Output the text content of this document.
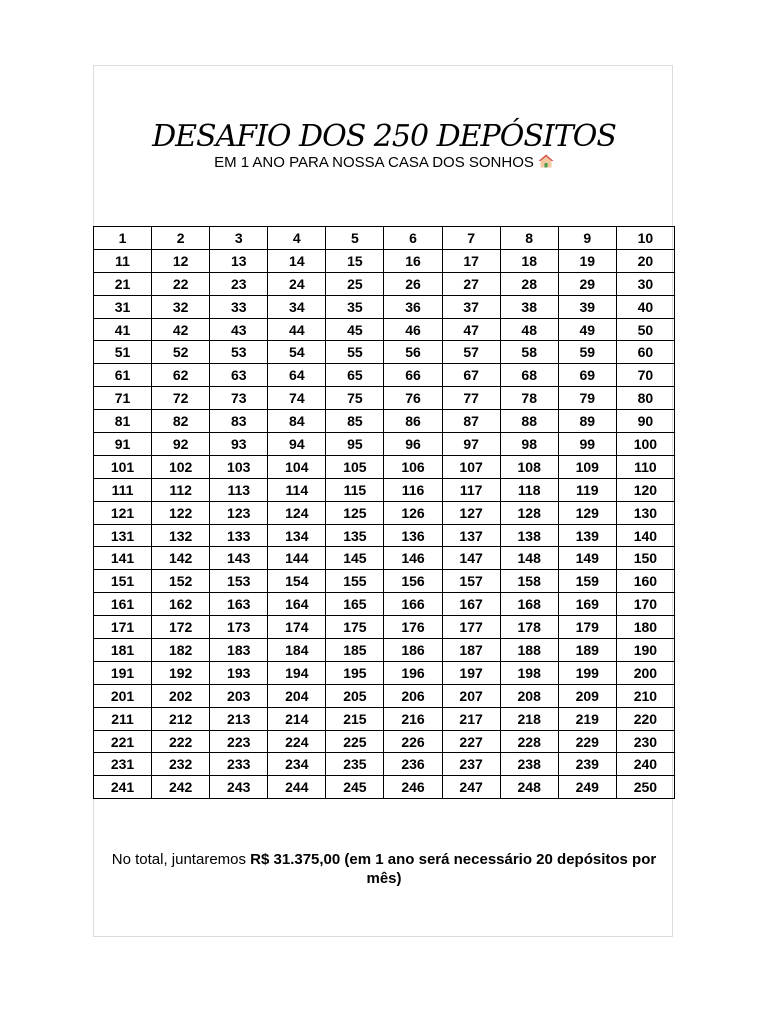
DESAFIO DOS 250 DEPÓSITOS
EM 1 ANO PARA NOSSA CASA DOS SONHOS
1	2	3	4	5	6	7	8	9	10
11	12	13	14	15	16	17	18	19	20
21	22	23	24	25	26	27	28	29	30
31	32	33	34	35	36	37	38	39	40
41	42	43	44	45	46	47	48	49	50
51	52	53	54	55	56	57	58	59	60
61	62	63	64	65	66	67	68	69	70
71	72	73	74	75	76	77	78	79	80
81	82	83	84	85	86	87	88	89	90
91	92	93	94	95	96	97	98	99	100
101	102	103	104	105	106	107	108	109	110
111	112	113	114	115	116	117	118	119	120
121	122	123	124	125	126	127	128	129	130
131	132	133	134	135	136	137	138	139	140
141	142	143	144	145	146	147	148	149	150
151	152	153	154	155	156	157	158	159	160
161	162	163	164	165	166	167	168	169	170
171	172	173	174	175	176	177	178	179	180
181	182	183	184	185	186	187	188	189	190
191	192	193	194	195	196	197	198	199	200
201	202	203	204	205	206	207	208	209	210
211	212	213	214	215	216	217	218	219	220
221	222	223	224	225	226	227	228	229	230
231	232	233	234	235	236	237	238	239	240
241	242	243	244	245	246	247	248	249	250
No total, juntaremos R$ 31.375,00 (em 1 ano será necessário 20 depósitos por mês)
